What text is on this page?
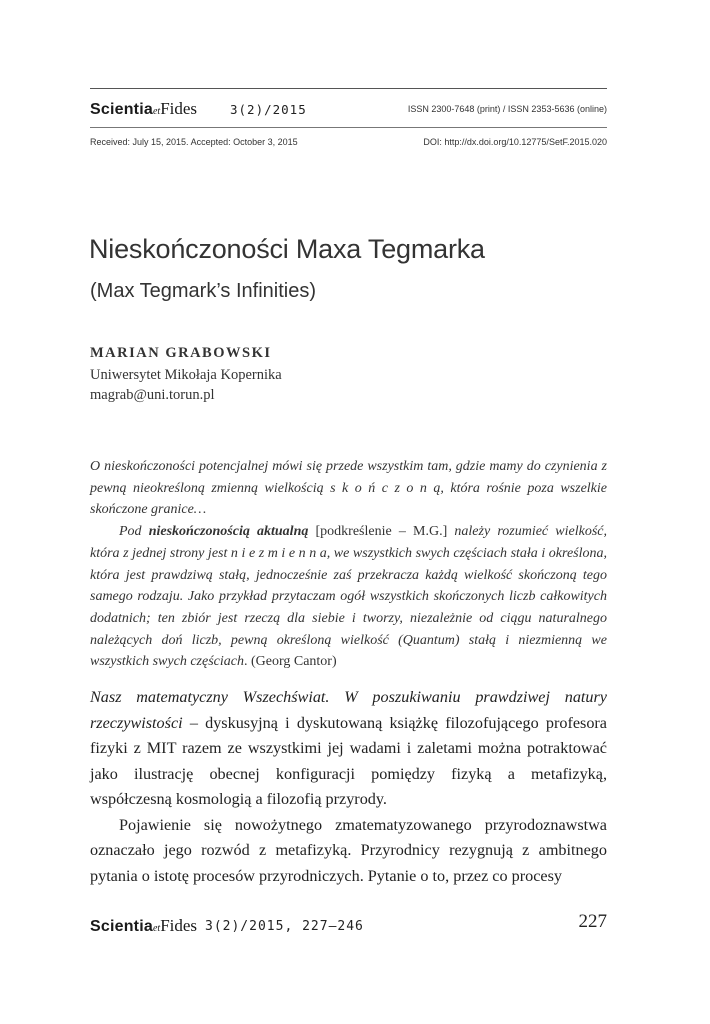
ScientiaetFides	3(2)/2015	ISSN 2300-7648 (print) / ISSN 2353-5636 (online)
Received: July 15, 2015. Accepted: October 3, 2015	DOI: http://dx.doi.org/10.12775/SetF.2015.020
Nieskończoności Maxa Tegmarka
(Max Tegmark’s Infinities)
MARIAN GRABOWSKI
Uniwersytet Mikołaja Kopernika
magrab@uni.torun.pl

O nieskończoności potencjalnej mówi się przede wszystkim tam, gdzie mamy do czynienia z pewną nieokreśloną zmienną wielkością s k o ń c z o n ą, która rośnie poza wszelkie skończone granice…

Pod nieskończonością aktualną [podkreślenie – M.G.] należy rozumieć wielkość, która z jednej strony jest n i e z m i e n n a, we wszystkich swych częściach stała i określona, która jest prawdziwą stałą, jednocześnie zaś przekracza każdą wielkość skończoną tego samego rodzaju. Jako przykład przytaczam ogół wszystkich skończonych liczb całkowitych dodatnich; ten zbiór jest rzeczą dla siebie i tworzy, niezależnie od ciągu naturalnego należących doń liczb, pewną określoną wielkość (Quantum) stałą i niezmienną we wszystkich swych częściach. (Georg Cantor)

Nasz matematyczny Wszechświat. W poszukiwaniu prawdziwej natury rzeczywistości – dyskusyjną i dyskutowaną książkę filozofującego profesora fizyki z MIT razem ze wszystkimi jej wadami i zaletami można potraktować jako ilustrację obecnej konfiguracji pomiędzy fizyką a metafizyką, współczesną kosmologią a filozofią przyrody.

Pojawienie się nowożytnego zmatematyzowanego przyrodoznawstwa oznaczało jego rozwód z metafizyką. Przyrodnicy rezygnują z ambitnego pytania o istotę procesów przyrodniczych. Pytanie o to, przez co procesy

ScientiaetFides 3(2)/2015, 227–246	227
